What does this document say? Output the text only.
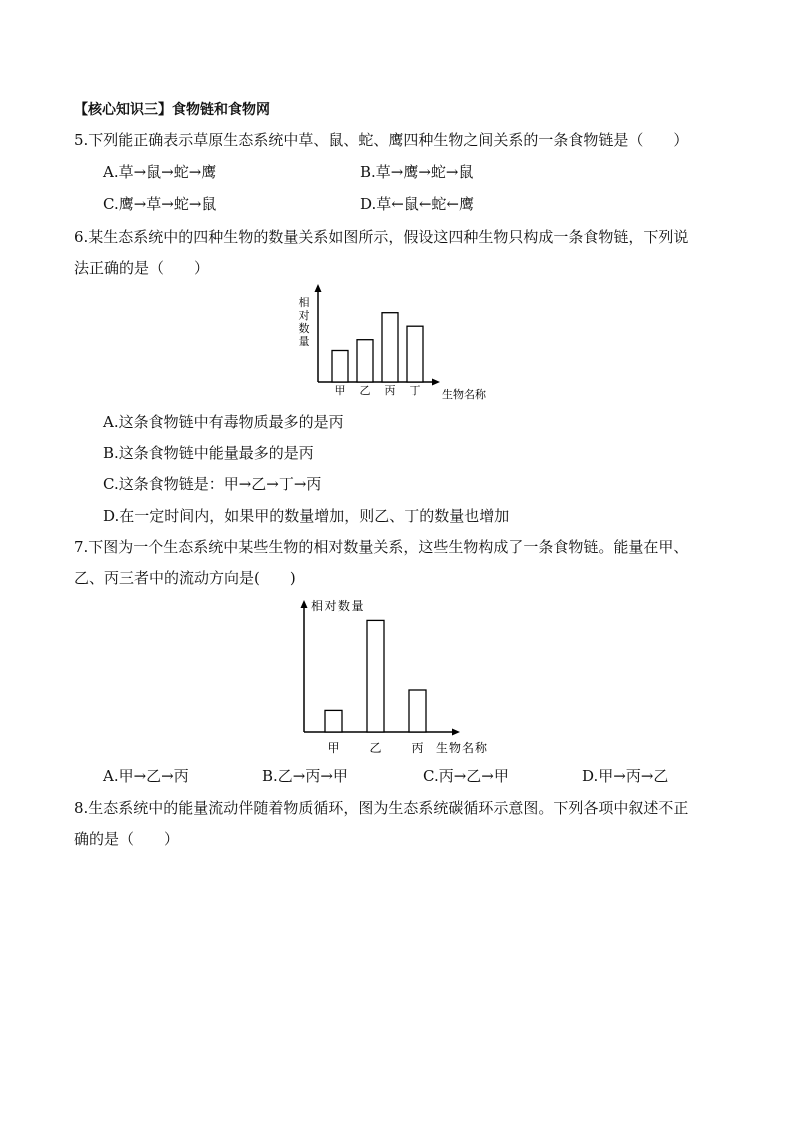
【核心知识三】食物链和食物网
5.下列能正确表示草原生态系统中草、鼠、蛇、鹰四种生物之间关系的一条食物链是（　　）
A.草→鼠→蛇→鹰	B.草→鹰→蛇→鼠
C.鹰→草→蛇→鼠	D.草←鼠←蛇←鹰
6.某生态系统中的四种生物的数量关系如图所示，假设这四种生物只构成一条食物链，下列说
法正确的是（　　）
相
对
数
量
甲 乙 丙 丁 生物名称
A.这条食物链中有毒物质最多的是丙
B.这条食物链中能量最多的是丙
C.这条食物链是：甲→乙→丁→丙
D.在一定时间内，如果甲的数量增加，则乙、丁的数量也增加
7.下图为一个生态系统中某些生物的相对数量关系，这些生物构成了一条食物链。能量在甲、
乙、丙三者中的流动方向是(　　)
相对数量
甲 乙 丙 生物名称
A.甲→乙→丙	B.乙→丙→甲	C.丙→乙→甲	D.甲→丙→乙
8.生态系统中的能量流动伴随着物质循环，图为生态系统碳循环示意图。下列各项中叙述不正
确的是（　　）
